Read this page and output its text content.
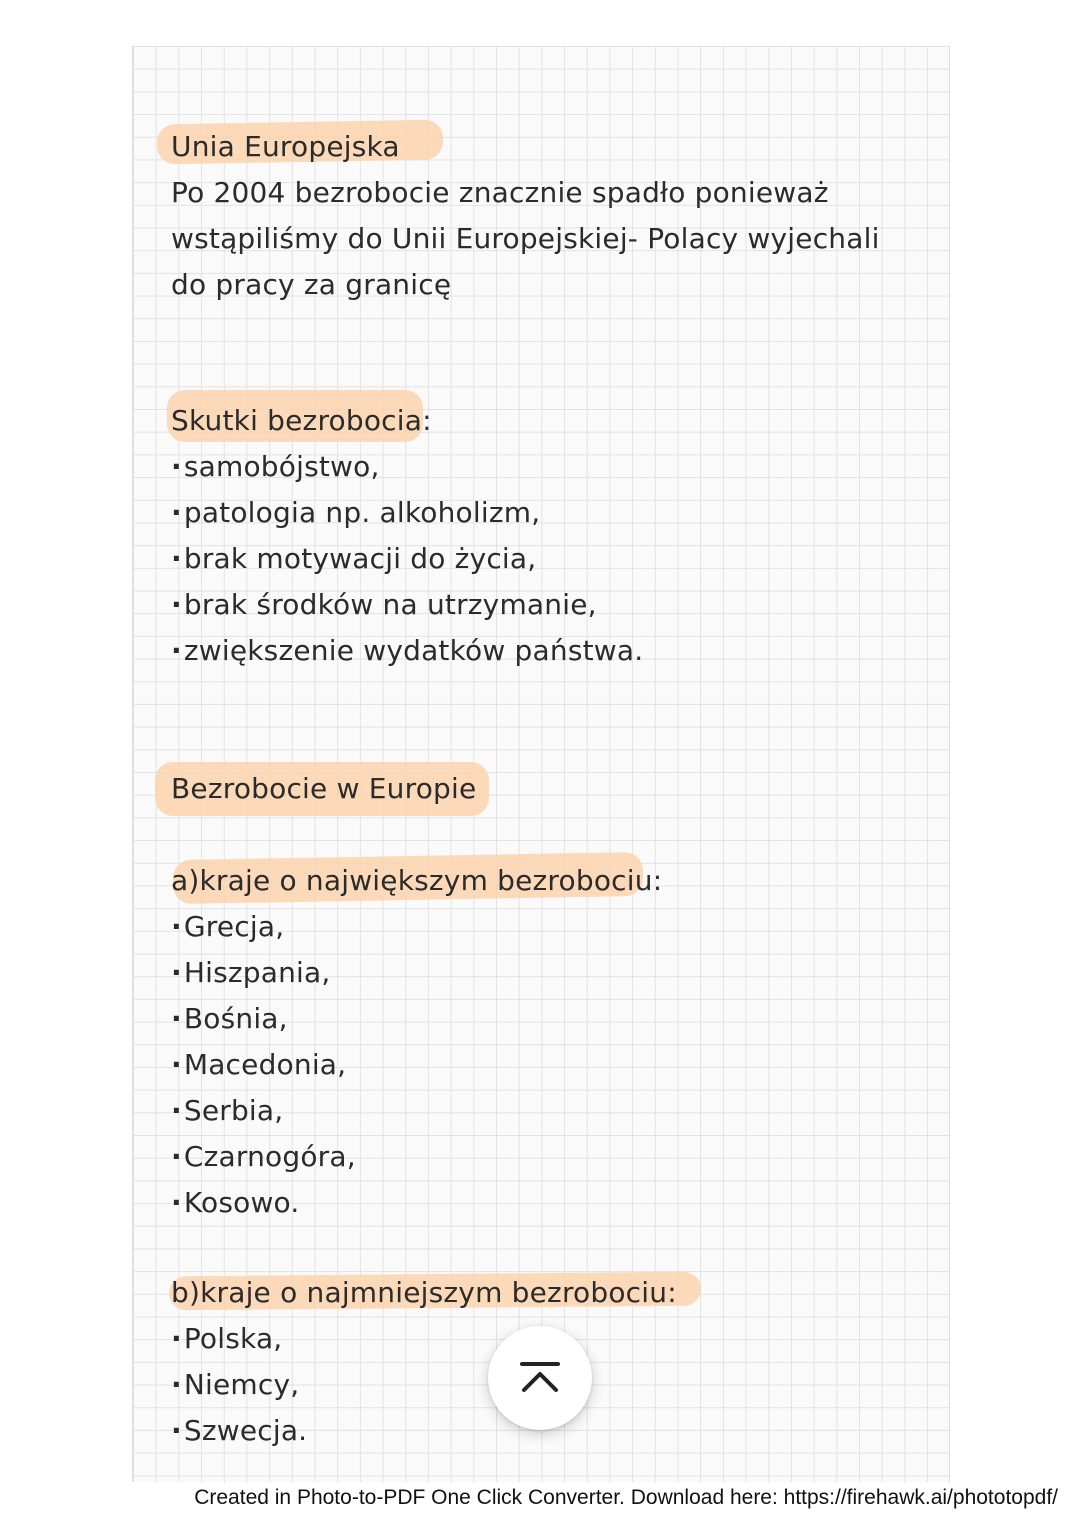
Unia Europejska
Po 2004 bezrobocie znacznie spadło ponieważ
wstąpiliśmy do Unii Europejskiej- Polacy wyjechali
do pracy za granicę
Skutki bezrobocia:
· samobójstwo,
· patologia np. alkoholizm,
· brak motywacji do życia,
· brak środków na utrzymanie,
· zwiększenie wydatków państwa.
Bezrobocie w Europie
a)kraje o największym bezrobociu:
· Grecja,
· Hiszpania,
· Bośnia,
· Macedonia,
· Serbia,
· Czarnogóra,
· Kosowo.
b)kraje o najmniejszym bezrobociu:
· Polska,
· Niemcy,
· Szwecja.
Created in Photo-to-PDF One Click Converter. Download here: https://firehawk.ai/phototopdf/
